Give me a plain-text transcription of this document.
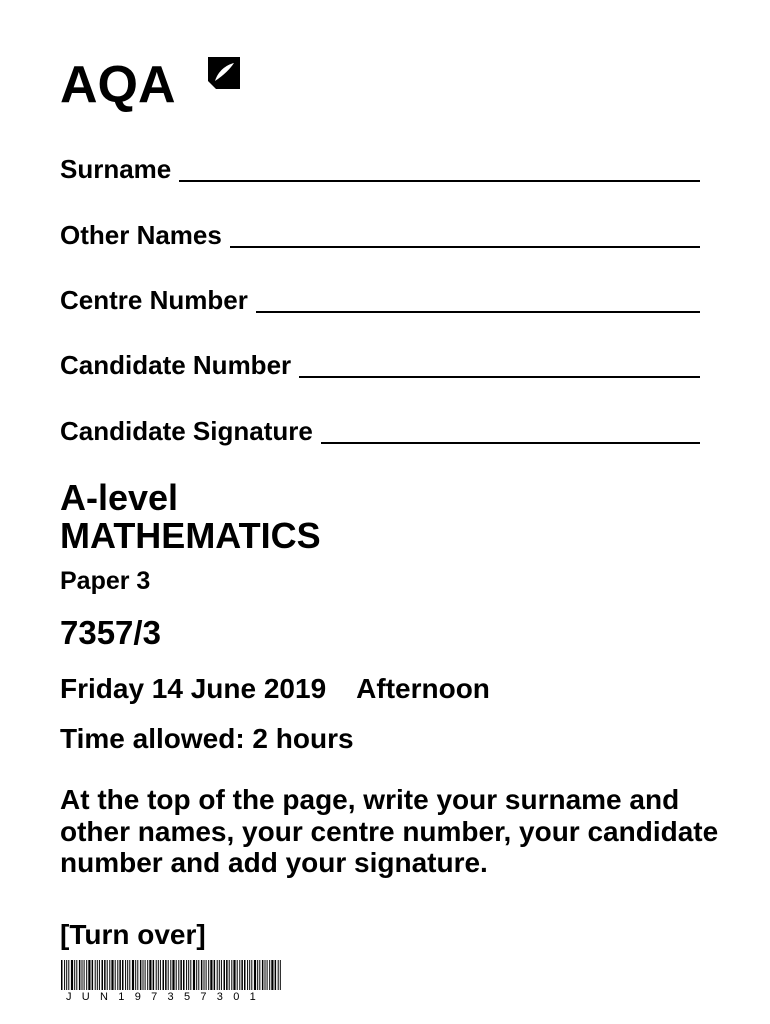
AQA
Surname
Other Names
Centre Number
Candidate Number
Candidate Signature
A-level
MATHEMATICS
Paper 3
7357/3
Friday 14 June 2019 Afternoon
Time allowed: 2 hours
At the top of the page, write your surname and other names, your centre number, your candidate number and add your signature.
[Turn over]
JUN197357301
